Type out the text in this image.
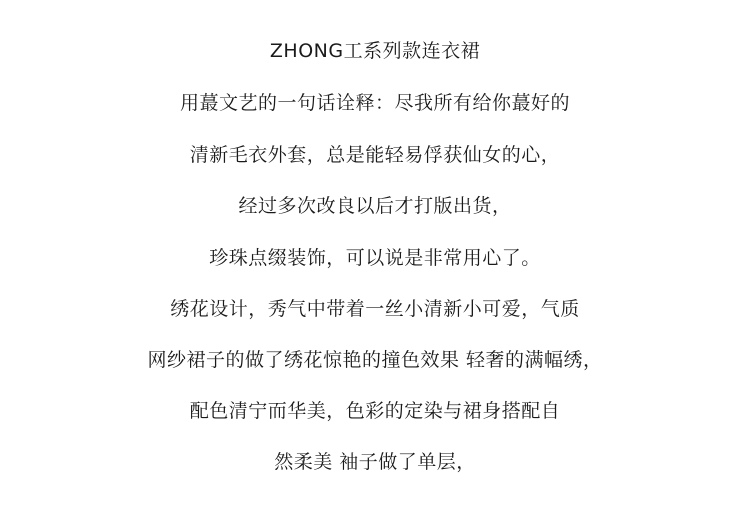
ZHONG工系列款连衣裙
用蕞文艺的一句话诠释：尽我所有给你蕞好的
清新毛衣外套，总是能轻易俘获仙女的心，
经过多次改良以后才打版出货，
珍珠点缀装饰，可以说是非常用心了。
绣花设计，秀气中带着一丝小清新小可爱，气质
网纱裙子的做了绣花惊艳的撞色效果 轻奢的满幅绣，
配色清宁而华美，色彩的定染与裙身搭配自
然柔美 袖子做了单层，
